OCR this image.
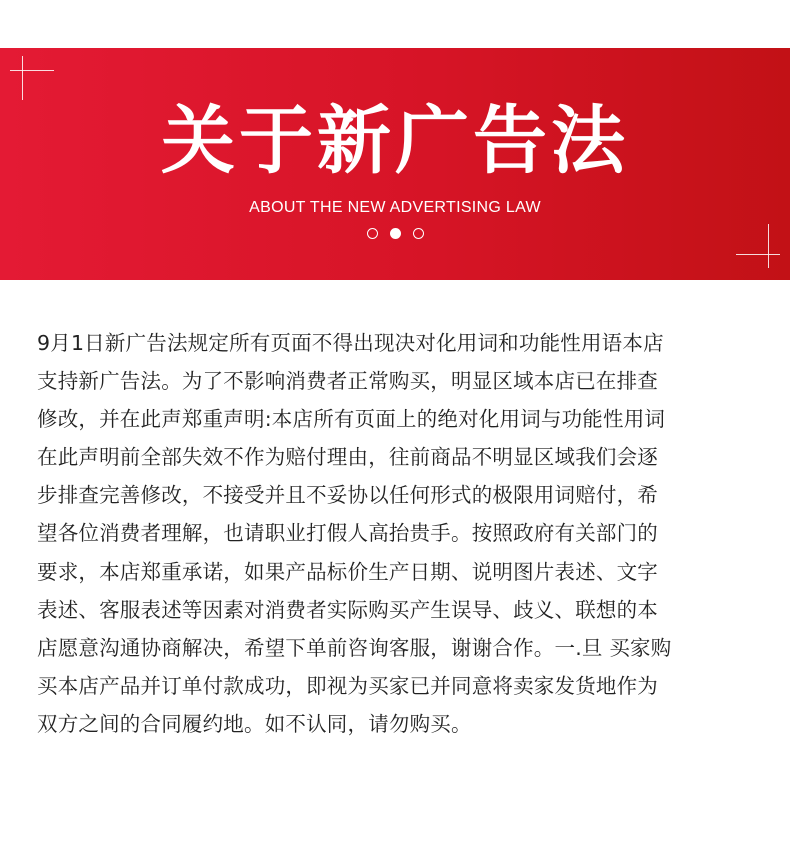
关于新广告法
ABOUT THE NEW ADVERTISING LAW

9月1日新广告法规定所有页面不得出现决对化用词和功能性用语本店

支持新广告法。为了不影响消费者正常购买，明显区域本店已在排查

修改，并在此声郑重声明:本店所有页面上的绝对化用词与功能性用词

在此声明前全部失效不作为赔付理由，往前商品不明显区域我们会逐

步排查完善修改，不接受并且不妥协以任何形式的极限用词赔付，希

望各位消费者理解，也请职业打假人高抬贵手。按照政府有关部门的

要求，本店郑重承诺，如果产品标价生产日期、说明图片表述、文字

表述、客服表述等因素对消费者实际购买产生误导、歧义、联想的本

店愿意沟通协商解决，希望下单前咨询客服，谢谢合作。一.旦 买家购

买本店产品并订单付款成功，即视为买家已并同意将卖家发货地作为

双方之间的合同履约地。如不认同，请勿购买。
